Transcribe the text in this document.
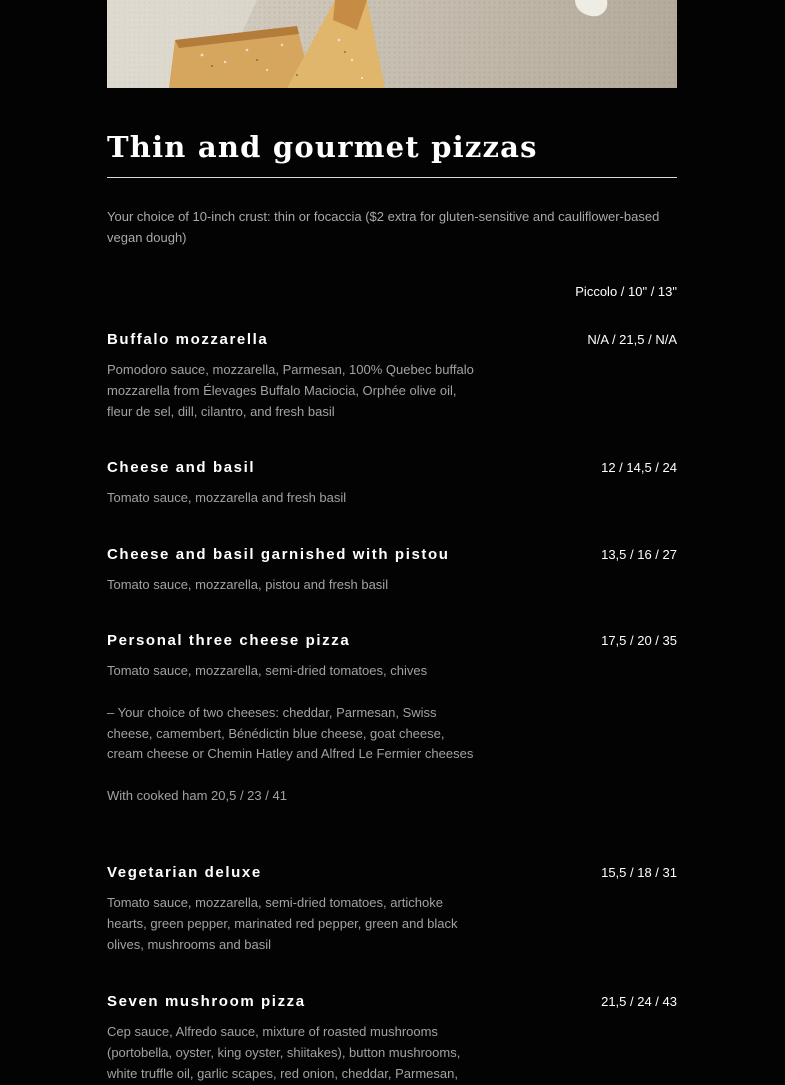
Thin and gourmet pizzas

Your choice of 10-inch crust: thin or focaccia ($2 extra for gluten-sensitive and cauliflower-based vegan dough)

Piccolo / 10" / 13"
Buffalo mozzarella	N/A / 21,5 / N/A

Pomodoro sauce, mozzarella, Parmesan, 100% Quebec buffalo mozzarella from Élevages Buffalo Maciocia, Orphée olive oil, fleur de sel, dill, cilantro, and fresh basil

Cheese and basil	12 / 14,5 / 24

Tomato sauce, mozzarella and fresh basil

Cheese and basil garnished with pistou	13,5 / 16 / 27

Tomato sauce, mozzarella, pistou and fresh basil

Personal three cheese pizza	17,5 / 20 / 35

Tomato sauce, mozzarella, semi-dried tomatoes, chives

– Your choice of two cheeses: cheddar, Parmesan, Swiss cheese, camembert, Bénédictin blue cheese, goat cheese, cream cheese or Chemin Hatley and Alfred Le Fermier cheeses

With cooked ham 20,5 / 23 / 41

Vegetarian deluxe	15,5 / 18 / 31

Tomato sauce, mozzarella, semi-dried tomatoes, artichoke hearts, green pepper, marinated red pepper, green and black olives, mushrooms and basil

Seven mushroom pizza	21,5 / 24 / 43

Cep sauce, Alfredo sauce, mixture of roasted mushrooms (portobella, oyster, king oyster, shiitakes), button mushrooms, white truffle oil, garlic scapes, red onion, cheddar, Parmesan,
